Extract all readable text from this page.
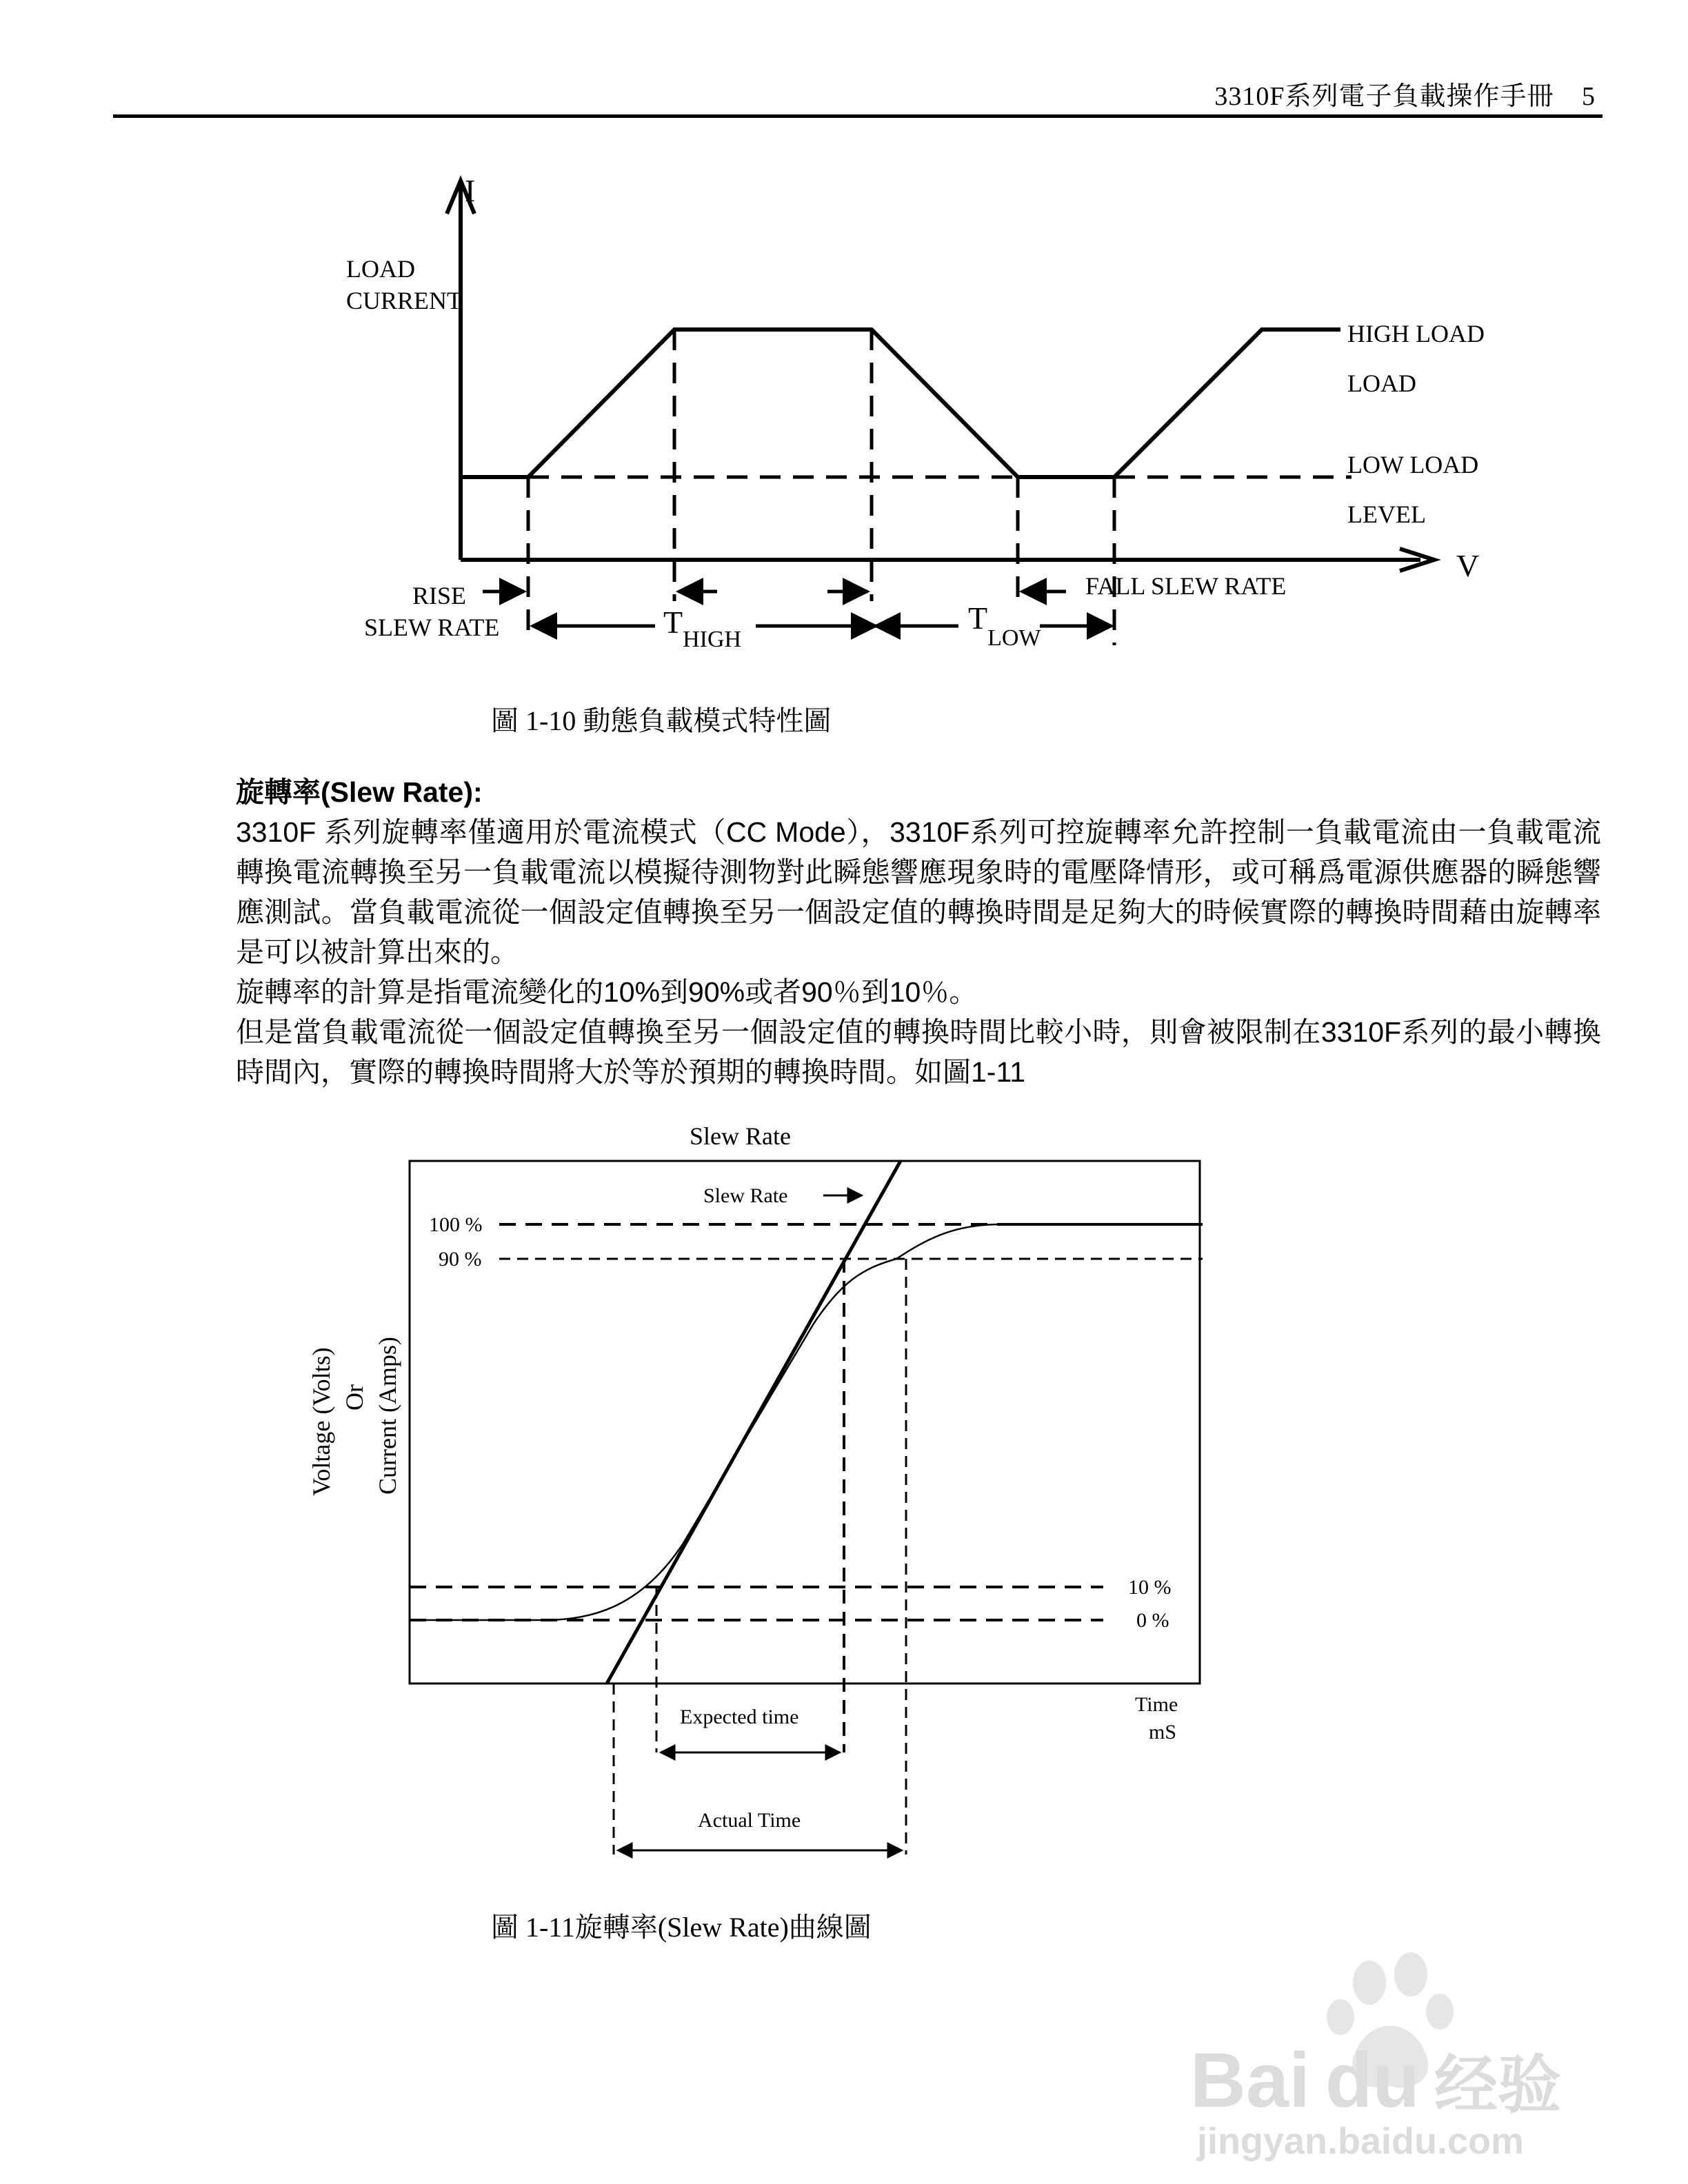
3310F系列電子負載操作手冊 5
I
V
LOAD
CURRENT
HIGH LOAD
LOAD
LOW LOAD
LEVEL
RISE
SLEW RATE
FALL SLEW RATE
$T_{HIGH}$
$T_{LOW}$
圖 1-10 動態負載模式特性圖

旋轉率(Slew Rate):

3310F 系列旋轉率僅適用於電流模式（CC Mode），3310F系列可控旋轉率允許控制一負載電流由一負載電流轉換電流轉換至另一負載電流以模擬待測物對此瞬態響應現象時的電壓降情形，或可稱爲電源供應器的瞬態響應測試。當負載電流從一個設定值轉換至另一個設定值的轉換時間是足夠大的時候實際的轉換時間藉由旋轉率是可以被計算出來的。

旋轉率的計算是指電流變化的10%到90%或者90％到10％。

但是當負載電流從一個設定值轉換至另一個設定值的轉換時間比較小時，則會被限制在3310F系列的最小轉換時間內，實際的轉換時間將大於等於預期的轉換時間。如圖1-11

Slew Rate
Slew Rate
100 %
90 %
10 %
0 %
Time
mS
Expected time
Actual Time
Voltage (Volts) Or Current (Amps)
圖 1-11旋轉率(Slew Rate)曲線圖
Bai du 经验
jingyan.baidu.com
